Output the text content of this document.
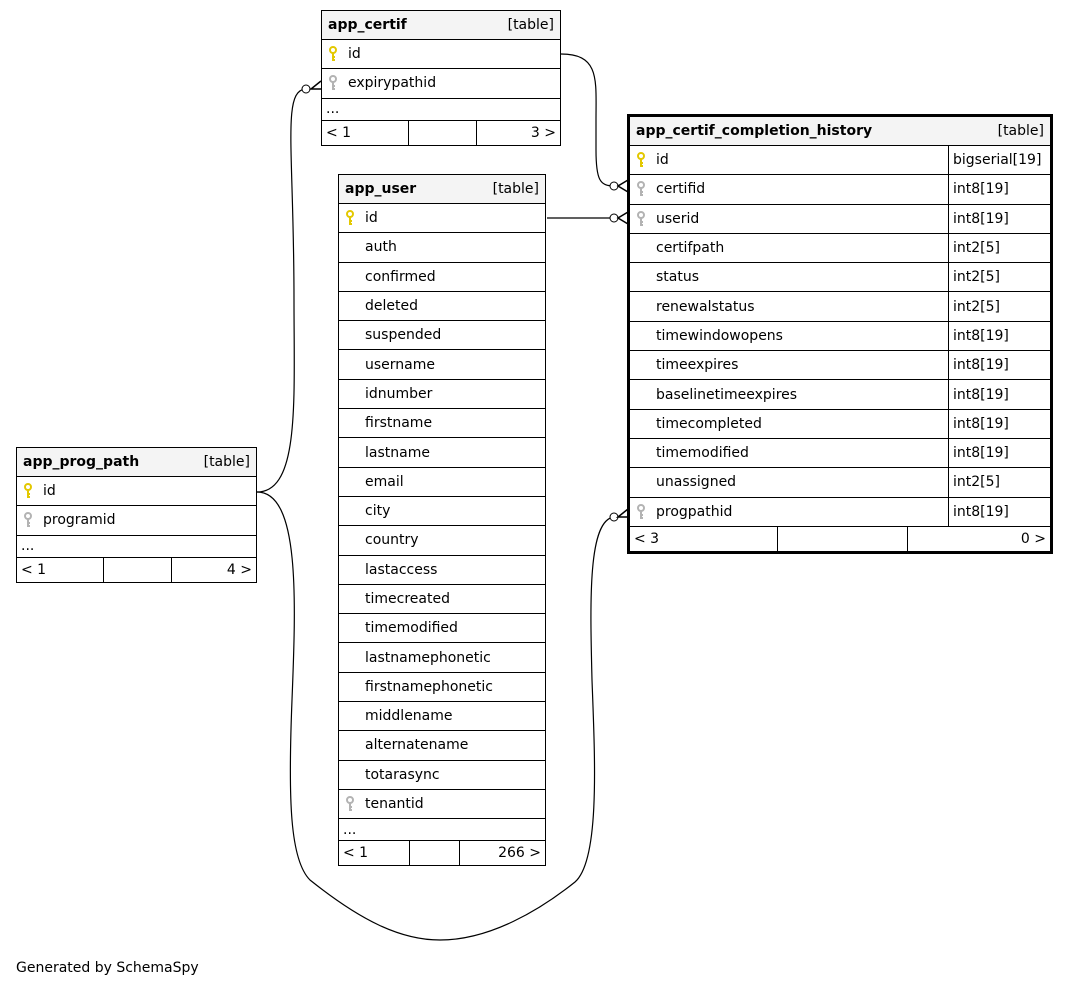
app_certif	[table]
id
expirypathid
...
< 1	3 >
app_user	[table]
id
auth
confirmed
deleted
suspended
username
idnumber
firstname
lastname
email
city
country
lastaccess
timecreated
timemodified
lastnamephonetic
firstnamephonetic
middlename
alternatename
totarasync
tenantid
...
< 1	266 >
app_prog_path	[table]
id
programid
...
< 1	4 >
app_certif_completion_history	[table]
id	bigserial[19]
certifid	int8[19]
userid	int8[19]
certifpath	int2[5]
status	int2[5]
renewalstatus	int2[5]
timewindowopens	int8[19]
timeexpires	int8[19]
baselinetimeexpires	int8[19]
timecompleted	int8[19]
timemodified	int8[19]
unassigned	int2[5]
progpathid	int8[19]
< 3	0 >
Generated by SchemaSpy
